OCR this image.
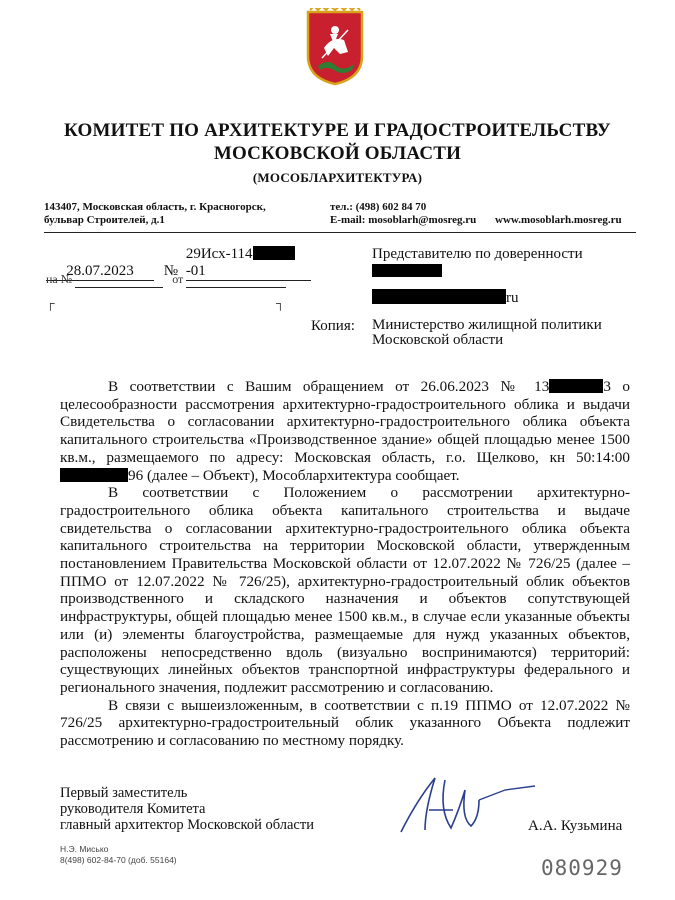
КОМИТЕТ ПО АРХИТЕКТУРЕ И ГРАДОСТРОИТЕЛЬСТВУ
МОСКОВСКОЙ ОБЛАСТИ
(МОСОБЛАРХИТЕКТУРА)
143407, Московская область, г. Красногорск,
бульвар Строителей, д.1
тел.: (498) 602 84 70
E-mail: mosoblarh@mosreg.ru www.mosoblarh.mosreg.ru
28.07.2023 № 29Исх-114-01
на №	от
┌	┐
Представителю по доверенности
ru
Копия: Министерство жилищной политики
Московской области

В соответствии с Вашим обращением от 26.06.2023 № 13	3 о целесообразности рассмотрения архитектурно-градостроительного облика и выдачи Свидетельства о согласовании архитектурно-градостроительного облика объекта капитального строительства «Производственное здание» общей площадью менее 1500 кв.м., размещаемого по адресу: Московская область, г.о. Щелково, кн 50:14:0096 (далее – Объект), Мособлархитектура сообщает.

В соответствии с Положением о рассмотрении архитектурно-градостроительного облика объекта капитального строительства и выдаче свидетельства о согласовании архитектурно-градостроительного облика объекта капитального строительства на территории Московской области, утвержденным постановлением Правительства Московской области от 12.07.2022 № 726/25 (далее – ППМО от 12.07.2022 № 726/25), архитектурно-градостроительный облик объектов производственного и складского назначения и объектов сопутствующей инфраструктуры, общей площадью менее 1500 кв.м., в случае если указанные объекты или (и) элементы благоустройства, размещаемые для нужд указанных объектов, расположены непосредственно вдоль (визуально воспринимаются) территорий: существующих линейных объектов транспортной инфраструктуры федерального и регионального значения, подлежит рассмотрению и согласованию.

В связи с вышеизложенным, в соответствии с п.19 ППМО от 12.07.2022 № 726/25 архитектурно-градостроительный облик указанного Объекта подлежит рассмотрению и согласованию по местному порядку.

Первый заместитель
руководителя Комитета
главный архитектор Московской области	А.А. Кузьмина
Н.Э. Мисько
8(498) 602-84-70 (доб. 55164)	080929
